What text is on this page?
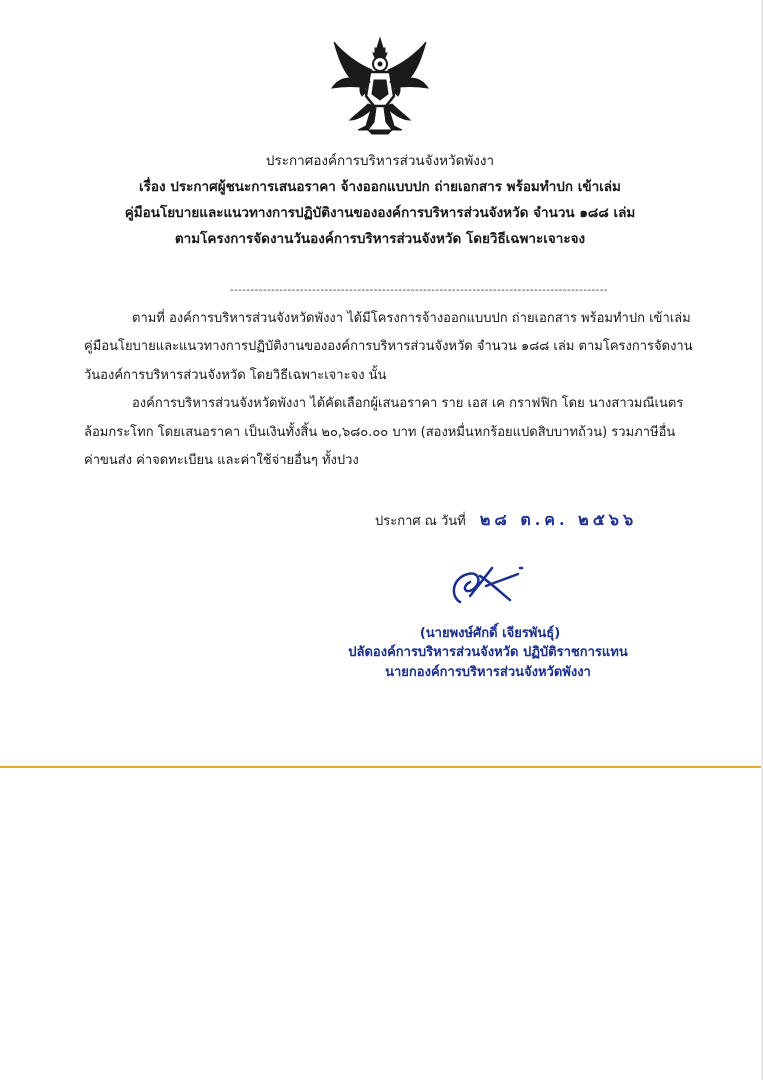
ประกาศองค์การบริหารส่วนจังหวัดพังงา
เรื่อง ประกาศผู้ชนะการเสนอราคา จ้างออกแบบปก ถ่ายเอกสาร พร้อมทำปก เข้าเล่ม
คู่มือนโยบายและแนวทางการปฏิบัติงานขององค์การบริหารส่วนจังหวัด จำนวน ๑๘๘ เล่ม
ตามโครงการจัดงานวันองค์การบริหารส่วนจังหวัด โดยวิธีเฉพาะเจาะจง
--------------------------------------------------------------------------------------------
ตามที่ องค์การบริหารส่วนจังหวัดพังงา ได้มีโครงการจ้างออกแบบปก ถ่ายเอกสาร พร้อมทำปก เข้าเล่ม
คู่มือนโยบายและแนวทางการปฏิบัติงานขององค์การบริหารส่วนจังหวัด จำนวน ๑๘๘ เล่ม ตามโครงการจัดงาน
วันองค์การบริหารส่วนจังหวัด โดยวิธีเฉพาะเจาะจง นั้น
องค์การบริหารส่วนจังหวัดพังงา ได้คัดเลือกผู้เสนอราคา ราย เอส เค กราฟฟิก โดย นางสาวมณีเนตร
ล้อมกระโทก โดยเสนอราคา เป็นเงินทั้งสิ้น ๒๐,๖๘๐.๐๐ บาท (สองหมื่นหกร้อยแปดสิบบาทถ้วน) รวมภาษีอื่น
ค่าขนส่ง ค่าจดทะเบียน และค่าใช้จ่ายอื่นๆ ทั้งปวง
ประกาศ ณ วันที่ ๒๘ ต.ค. ๒๕๖๖
(นายพงษ์ศักดิ์ เจียรพันธุ์)
ปลัดองค์การบริหารส่วนจังหวัด ปฏิบัติราชการแทน
นายกองค์การบริหารส่วนจังหวัดพังงา
